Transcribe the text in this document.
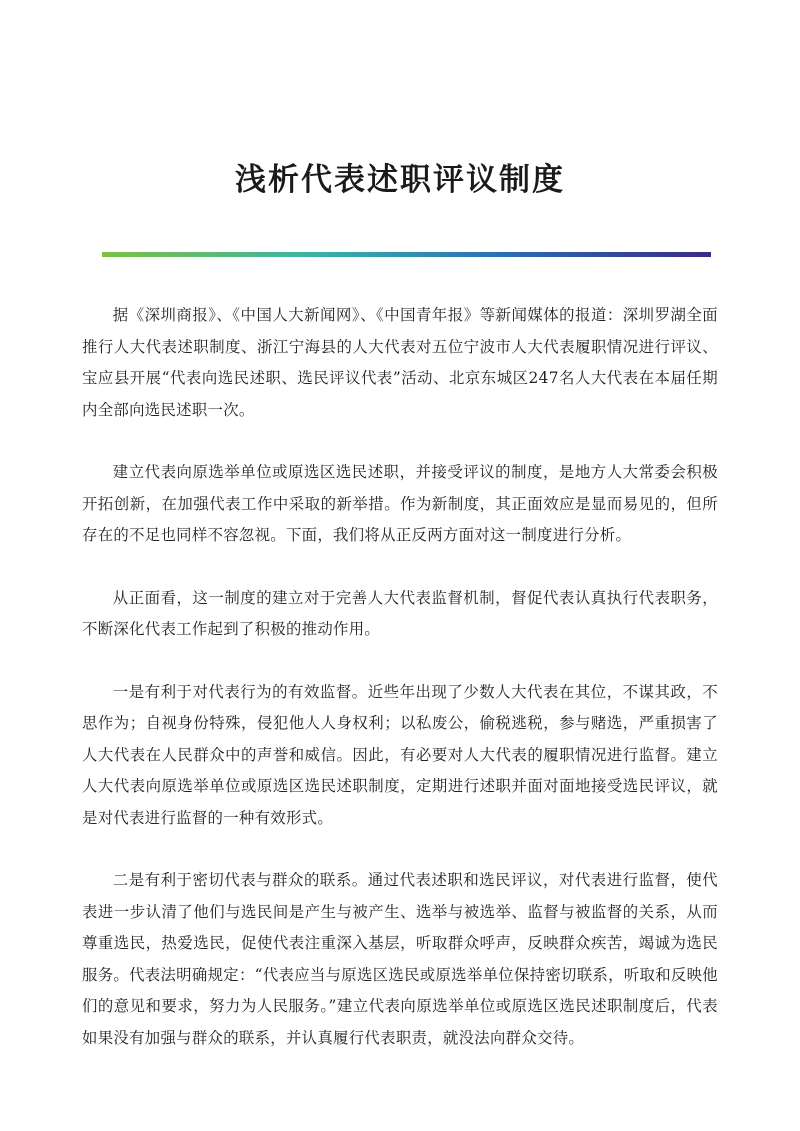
浅析代表述职评议制度

据《深圳商报》、《中国人大新闻网》、《中国青年报》等新闻媒体的报道：深圳罗湖全面推行人大代表述职制度、浙江宁海县的人大代表对五位宁波市人大代表履职情况进行评议、宝应县开展“代表向选民述职、选民评议代表”活动、北京东城区247名人大代表在本届任期内全部向选民述职一次。

建立代表向原选举单位或原选区选民述职，并接受评议的制度，是地方人大常委会积极开拓创新，在加强代表工作中采取的新举措。作为新制度，其正面效应是显而易见的，但所存在的不足也同样不容忽视。下面，我们将从正反两方面对这一制度进行分析。

从正面看，这一制度的建立对于完善人大代表监督机制，督促代表认真执行代表职务，不断深化代表工作起到了积极的推动作用。

一是有利于对代表行为的有效监督。近些年出现了少数人大代表在其位，不谋其政，不思作为；自视身份特殊，侵犯他人人身权利；以私废公，偷税逃税，参与赌选，严重损害了人大代表在人民群众中的声誉和威信。因此，有必要对人大代表的履职情况进行监督。建立人大代表向原选举单位或原选区选民述职制度，定期进行述职并面对面地接受选民评议，就是对代表进行监督的一种有效形式。

二是有利于密切代表与群众的联系。通过代表述职和选民评议，对代表进行监督，使代表进一步认清了他们与选民间是产生与被产生、选举与被选举、监督与被监督的关系，从而尊重选民，热爱选民，促使代表注重深入基层，听取群众呼声，反映群众疾苦，竭诚为选民服务。代表法明确规定：“代表应当与原选区选民或原选举单位保持密切联系，听取和反映他们的意见和要求，努力为人民服务。”建立代表向原选举单位或原选区选民述职制度后，代表如果没有加强与群众的联系，并认真履行代表职责，就没法向群众交待。
